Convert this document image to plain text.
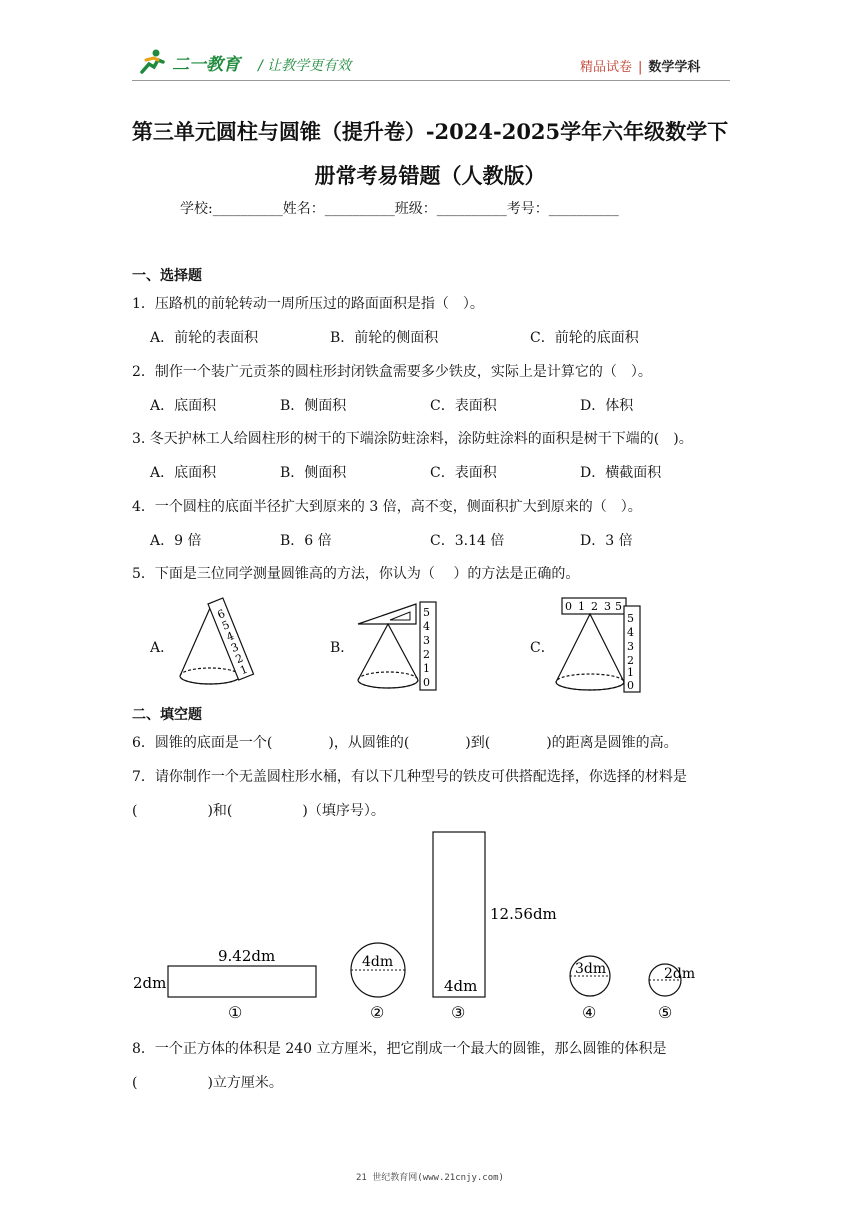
二一教育 / 让教学更有效	精品试卷 | 数学学科
第三单元圆柱与圆锥（提升卷）-2024-2025学年六年级数学下
册常考易错题（人教版）
学校:__________姓名：__________班级：__________考号：__________
一、选择题
1．压路机的前轮转动一周所压过的路面面积是指（　）。
A．前轮的表面积	B．前轮的侧面积	C．前轮的底面积
2．制作一个装广元贡茶的圆柱形封闭铁盒需要多少铁皮，实际上是计算它的（　）。
A．底面积	B．侧面积	C．表面积	D．体积
3. 冬天护林工人给圆柱形的树干的下端涂防蛀涂料，涂防蛀涂料的面积是树干下端的(　)。
A．底面积	B．侧面积	C．表面积	D．横截面积
4．一个圆柱的底面半径扩大到原来的 3 倍，高不变，侧面积扩大到原来的（　）。
A．9 倍	B．6 倍	C．3.14 倍	D．3 倍
5．下面是三位同学测量圆锥高的方法，你认为（　 ）的方法是正确的。
A．	B．	C．
6
5
4
3
2
1
5
4
3
2
1
0
0 1 2 3 5
5
4
3
2
1
0
二、填空题
6．圆锥的底面是一个(　　　　)，从圆锥的(　　　　)到(　　　　)的距离是圆锥的高。
7．请你制作一个无盖圆柱形水桶，有以下几种型号的铁皮可供搭配选择，你选择的材料是
(　　　　　)和(　　　　　)（填序号）。
9.42dm
2dm
①
4dm
②
12.56dm
4dm
③
3dm
④
2dm
⑤
8．一个正方体的体积是 240 立方厘米，把它削成一个最大的圆锥，那么圆锥的体积是
(　　　　　)立方厘米。
21 世纪教育网(www.21cnjy.com)
